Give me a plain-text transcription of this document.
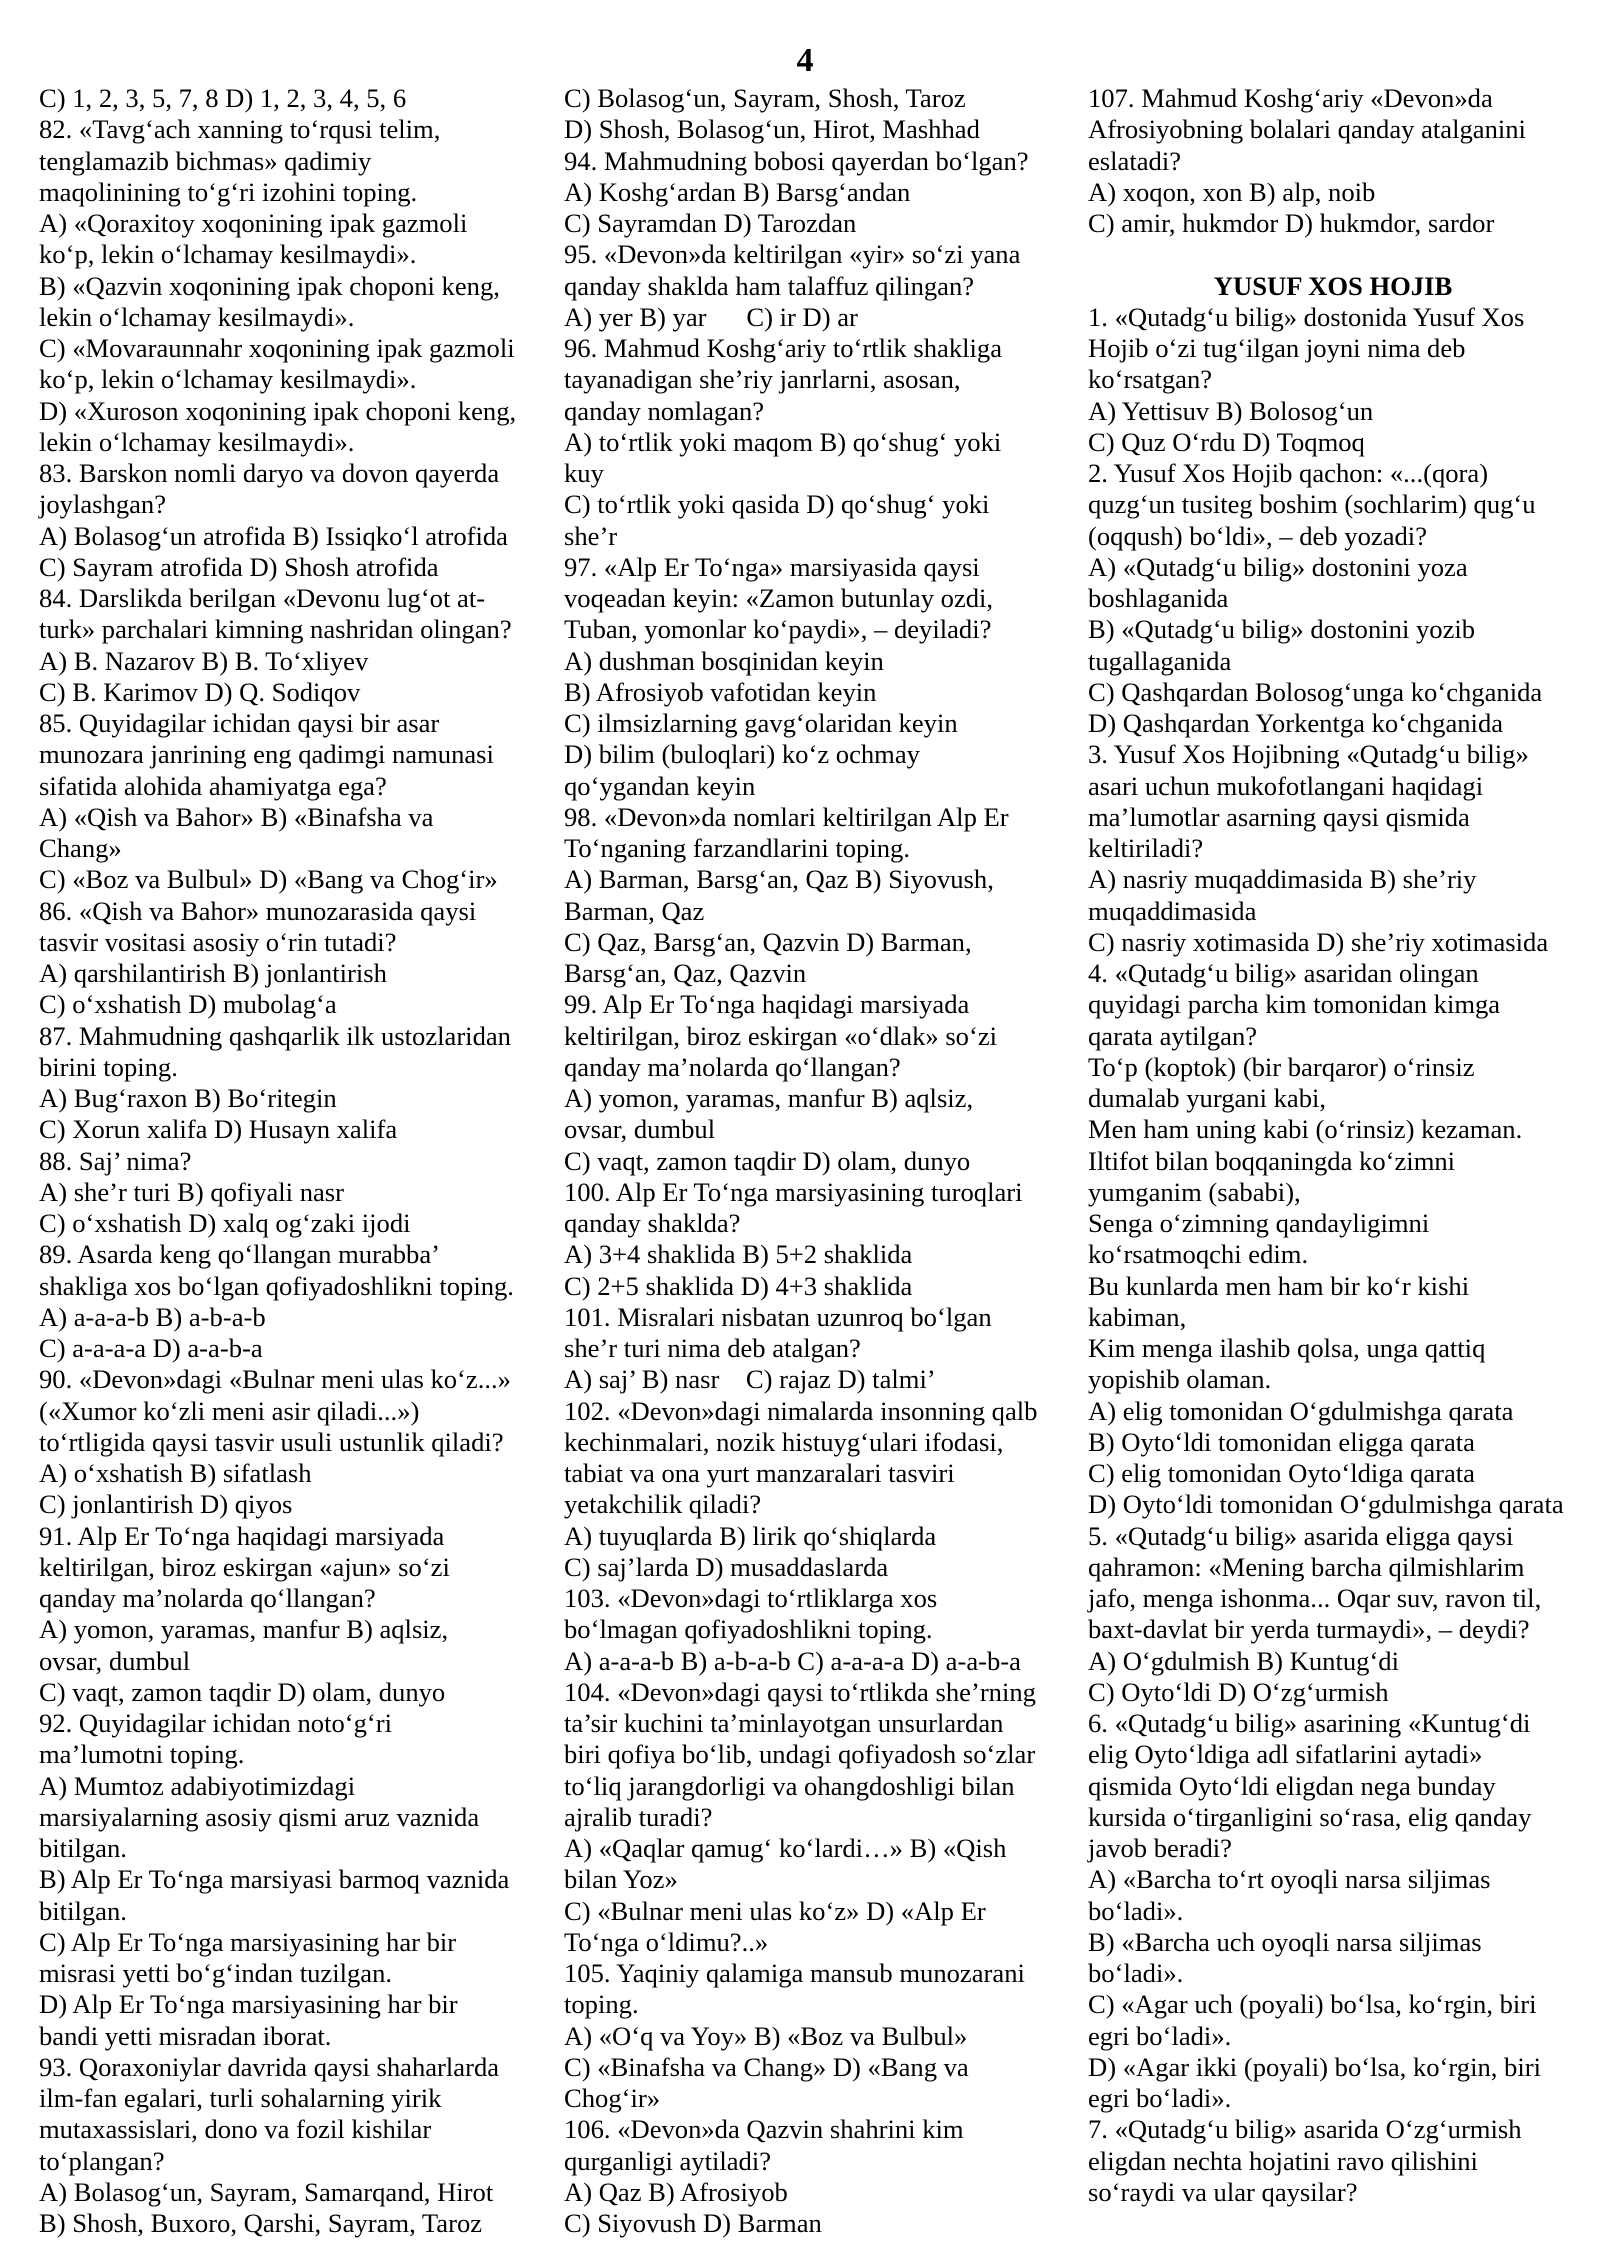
4
C) 1, 2, 3, 5, 7, 8 D) 1, 2, 3, 4, 5, 6
82. «Tavg‘ach xanning to‘rqusi telim,
tenglamazib bichmas» qadimiy
maqolinining to‘g‘ri izohini toping.
A) «Qoraxitoy xoqonining ipak gazmoli
ko‘p, lekin o‘lchamay kesilmaydi».
B) «Qazvin xoqonining ipak choponi keng,
lekin o‘lchamay kesilmaydi».
C) «Movaraunnahr xoqonining ipak gazmoli
ko‘p, lekin o‘lchamay kesilmaydi».
D) «Xuroson xoqonining ipak choponi keng,
lekin o‘lchamay kesilmaydi».
83. Barskon nomli daryo va dovon qayerda
joylashgan?
A) Bolasog‘un atrofida B) Issiqko‘l atrofida
C) Sayram atrofida D) Shosh atrofida
84. Darslikda berilgan «Devonu lug‘ot at-
turk» parchalari kimning nashridan olingan?
A) B. Nazarov B) B. To‘xliyev
C) B. Karimov D) Q. Sodiqov
85. Quyidagilar ichidan qaysi bir asar
munozara janrining eng qadimgi namunasi
sifatida alohida ahamiyatga ega?
A) «Qish va Bahor» B) «Binafsha va
Chang»
C) «Boz va Bulbul» D) «Bang va Chog‘ir»
86. «Qish va Bahor» munozarasida qaysi
tasvir vositasi asosiy o‘rin tutadi?
A) qarshilantirish B) jonlantirish
C) o‘xshatish D) mubolag‘a
87. Mahmudning qashqarlik ilk ustozlaridan
birini toping.
A) Bug‘raxon B) Bo‘ritegin
C) Xorun xalifa D) Husayn xalifa
88. Saj’ nima?
A) she’r turi B) qofiyali nasr
C) o‘xshatish D) xalq og‘zaki ijodi
89. Asarda keng qo‘llangan murabba’
shakliga xos bo‘lgan qofiyadoshlikni toping.
A) a-a-a-b B) a-b-a-b
C) a-a-a-a D) a-a-b-a
90. «Devon»dagi «Bulnar meni ulas ko‘z...»
(«Xumor ko‘zli meni asir qiladi...»)
to‘rtligida qaysi tasvir usuli ustunlik qiladi?
A) o‘xshatish B) sifatlash
C) jonlantirish D) qiyos
91. Alp Er To‘nga haqidagi marsiyada
keltirilgan, biroz eskirgan «ajun» so‘zi
qanday ma’nolarda qo‘llangan?
A) yomon, yaramas, manfur B) aqlsiz,
ovsar, dumbul
C) vaqt, zamon taqdir D) olam, dunyo
92. Quyidagilar ichidan noto‘g‘ri
ma’lumotni toping.
A) Mumtoz adabiyotimizdagi
marsiyalarning asosiy qismi aruz vaznida
bitilgan.
B) Alp Er To‘nga marsiyasi barmoq vaznida
bitilgan.
C) Alp Er To‘nga marsiyasining har bir
misrasi yetti bo‘g‘indan tuzilgan.
D) Alp Er To‘nga marsiyasining har bir
bandi yetti misradan iborat.
93. Qoraxoniylar davrida qaysi shaharlarda
ilm-fan egalari, turli sohalarning yirik
mutaxassislari, dono va fozil kishilar
to‘plangan?
A) Bolasog‘un, Sayram, Samarqand, Hirot
B) Shosh, Buxoro, Qarshi, Sayram, Taroz
C) Bolasog‘un, Sayram, Shosh, Taroz
D) Shosh, Bolasog‘un, Hirot, Mashhad
94. Mahmudning bobosi qayerdan bo‘lgan?
A) Koshg‘ardan B) Barsg‘andan
C) Sayramdan D) Tarozdan
95. «Devon»da keltirilgan «yir» so‘zi yana
qanday shaklda ham talaffuz qilingan?
A) yer B) yar      C) ir D) ar
96. Mahmud Koshg‘ariy to‘rtlik shakliga
tayanadigan she’riy janrlarni, asosan,
qanday nomlagan?
A) to‘rtlik yoki maqom B) qo‘shug‘ yoki
kuy
C) to‘rtlik yoki qasida D) qo‘shug‘ yoki
she’r
97. «Alp Er To‘nga» marsiyasida qaysi
voqeadan keyin: «Zamon butunlay ozdi,
Tuban, yomonlar ko‘paydi», – deyiladi?
A) dushman bosqinidan keyin
B) Afrosiyob vafotidan keyin
C) ilmsizlarning gavg‘olaridan keyin
D) bilim (buloqlari) ko‘z ochmay
qo‘ygandan keyin
98. «Devon»da nomlari keltirilgan Alp Er
To‘nganing farzandlarini toping.
A) Barman, Barsg‘an, Qaz B) Siyovush,
Barman, Qaz
C) Qaz, Barsg‘an, Qazvin D) Barman,
Barsg‘an, Qaz, Qazvin
99. Alp Er To‘nga haqidagi marsiyada
keltirilgan, biroz eskirgan «o‘dlak» so‘zi
qanday ma’nolarda qo‘llangan?
A) yomon, yaramas, manfur B) aqlsiz,
ovsar, dumbul
C) vaqt, zamon taqdir D) olam, dunyo
100. Alp Er To‘nga marsiyasining turoqlari
qanday shaklda?
A) 3+4 shaklida B) 5+2 shaklida
C) 2+5 shaklida D) 4+3 shaklida
101. Misralari nisbatan uzunroq bo‘lgan
she’r turi nima deb atalgan?
A) saj’ B) nasr    C) rajaz D) talmi’
102. «Devon»dagi nimalarda insonning qalb
kechinmalari, nozik histuyg‘ulari ifodasi,
tabiat va ona yurt manzaralari tasviri
yetakchilik qiladi?
A) tuyuqlarda B) lirik qo‘shiqlarda
C) saj’larda D) musaddaslarda
103. «Devon»dagi to‘rtliklarga xos
bo‘lmagan qofiyadoshlikni toping.
A) a-a-a-b B) a-b-a-b C) a-a-a-a D) a-a-b-a
104. «Devon»dagi qaysi to‘rtlikda she’rning
ta’sir kuchini ta’minlayotgan unsurlardan
biri qofiya bo‘lib, undagi qofiyadosh so‘zlar
to‘liq jarangdorligi va ohangdoshligi bilan
ajralib turadi?
A) «Qaqlar qamug‘ ko‘lardi…» B) «Qish
bilan Yoz»
C) «Bulnar meni ulas ko‘z» D) «Alp Er
To‘nga o‘ldimu?..»
105. Yaqiniy qalamiga mansub munozarani
toping.
A) «O‘q va Yoy» B) «Boz va Bulbul»
C) «Binafsha va Chang» D) «Bang va
Chog‘ir»
106. «Devon»da Qazvin shahrini kim
qurganligi aytiladi?
A) Qaz B) Afrosiyob
C) Siyovush D) Barman
107. Mahmud Koshg‘ariy «Devon»da
Afrosiyobning bolalari qanday atalganini
eslatadi?
A) xoqon, xon B) alp, noib
C) amir, hukmdor D) hukmdor, sardor
YUSUF XOS HOJIB
1. «Qutadg‘u bilig» dostonida Yusuf Xos
Hojib o‘zi tug‘ilgan joyni nima deb
ko‘rsatgan?
A) Yettisuv B) Bolosog‘un
C) Quz O‘rdu D) Toqmoq
2. Yusuf Xos Hojib qachon: «...(qora)
quzg‘un tusiteg boshim (sochlarim) qug‘u
(oqqush) bo‘ldi», – deb yozadi?
A) «Qutadg‘u bilig» dostonini yoza
boshlaganida
B) «Qutadg‘u bilig» dostonini yozib
tugallaganida
C) Qashqardan Bolosog‘unga ko‘chganida
D) Qashqardan Yorkentga ko‘chganida
3. Yusuf Xos Hojibning «Qutadg‘u bilig»
asari uchun mukofotlangani haqidagi
ma’lumotlar asarning qaysi qismida
keltiriladi?
A) nasriy muqaddimasida B) she’riy
muqaddimasida
C) nasriy xotimasida D) she’riy xotimasida
4. «Qutadg‘u bilig» asaridan olingan
quyidagi parcha kim tomonidan kimga
qarata aytilgan?
To‘p (koptok) (bir barqaror) o‘rinsiz
dumalab yurgani kabi,
Men ham uning kabi (o‘rinsiz) kezaman.
Iltifot bilan boqqaningda ko‘zimni
yumganim (sababi),
Senga o‘zimning qandayligimni
ko‘rsatmoqchi edim.
Bu kunlarda men ham bir ko‘r kishi
kabiman,
Kim menga ilashib qolsa, unga qattiq
yopishib olaman.
A) elig tomonidan O‘gdulmishga qarata
B) Oyto‘ldi tomonidan eligga qarata
C) elig tomonidan Oyto‘ldiga qarata
D) Oyto‘ldi tomonidan O‘gdulmishga qarata
5. «Qutadg‘u bilig» asarida eligga qaysi
qahramon: «Mening barcha qilmishlarim
jafo, menga ishonma... Oqar suv, ravon til,
baxt-davlat bir yerda turmaydi», – deydi?
A) O‘gdulmish B) Kuntug‘di
C) Oyto‘ldi D) O‘zg‘urmish
6. «Qutadg‘u bilig» asarining «Kuntug‘di
elig Oyto‘ldiga adl sifatlarini aytadi»
qismida Oyto‘ldi eligdan nega bunday
kursida o‘tirganligini so‘rasa, elig qanday
javob beradi?
A) «Barcha to‘rt oyoqli narsa siljimas
bo‘ladi».
B) «Barcha uch oyoqli narsa siljimas
bo‘ladi».
C) «Agar uch (poyali) bo‘lsa, ko‘rgin, biri
egri bo‘ladi».
D) «Agar ikki (poyali) bo‘lsa, ko‘rgin, biri
egri bo‘ladi».
7. «Qutadg‘u bilig» asarida O‘zg‘urmish
eligdan nechta hojatini ravo qilishini
so‘raydi va ular qaysilar?
